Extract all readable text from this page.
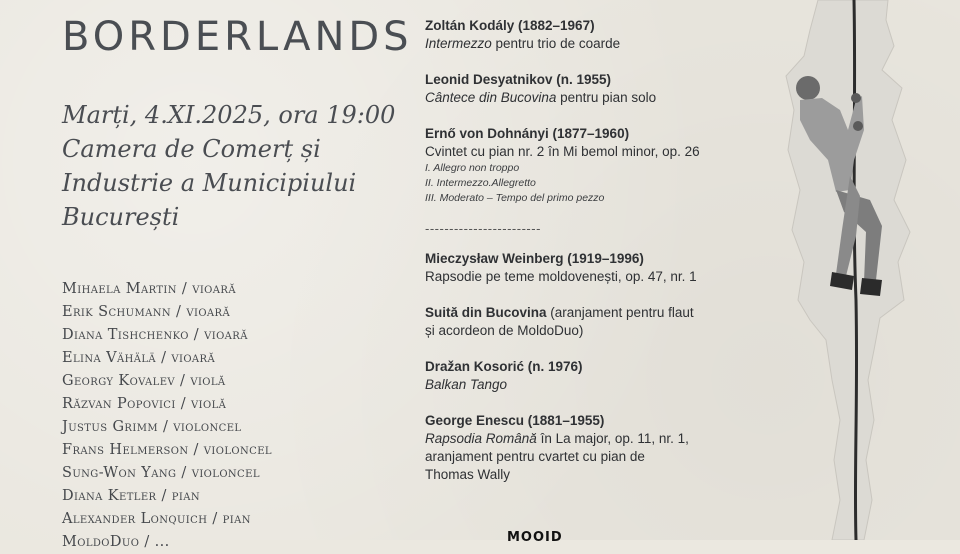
BORDERLANDS
Marți, 4.XI.2025, ora 19:00
Camera de Comerț și
Industrie a Municipiului
București
Mihaela Martin / vioară
Erik Schumann / vioară
Diana Tishchenko / vioară
Elina Vähälä / vioară
Georgy Kovalev / violă
Răzvan Popovici / violă
Justus Grimm / violoncel
Frans Helmerson / violoncel
Sung-Won Yang / violoncel
Diana Ketler / pian
Alexander Lonquich / pian
MoldoDuo / ...
Zoltán Kodály (1882–1967)
Intermezzo pentru trio de coarde
Leonid Desyatnikov (n. 1955)
Cântece din Bucovina pentru pian solo
Ernő von Dohnányi (1877–1960)
Cvintet cu pian nr. 2 în Mi bemol minor, op. 26
I. Allegro non troppo
II. Intermezzo.Allegretto
III. Moderato – Tempo del primo pezzo
------------------------
Mieczysław Weinberg (1919–1996)
Rapsodie pe teme moldovenești, op. 47, nr. 1
Suită din Bucovina (aranjament pentru flaut
și acordeon de MoldoDuo)
Dražan Kosorić (n. 1976)
Balkan Tango
George Enescu (1881–1955)
Rapsodia Română în La major, op. 11, nr. 1,
aranjament pentru cvartet cu pian de
Thomas Wally
MOOID
